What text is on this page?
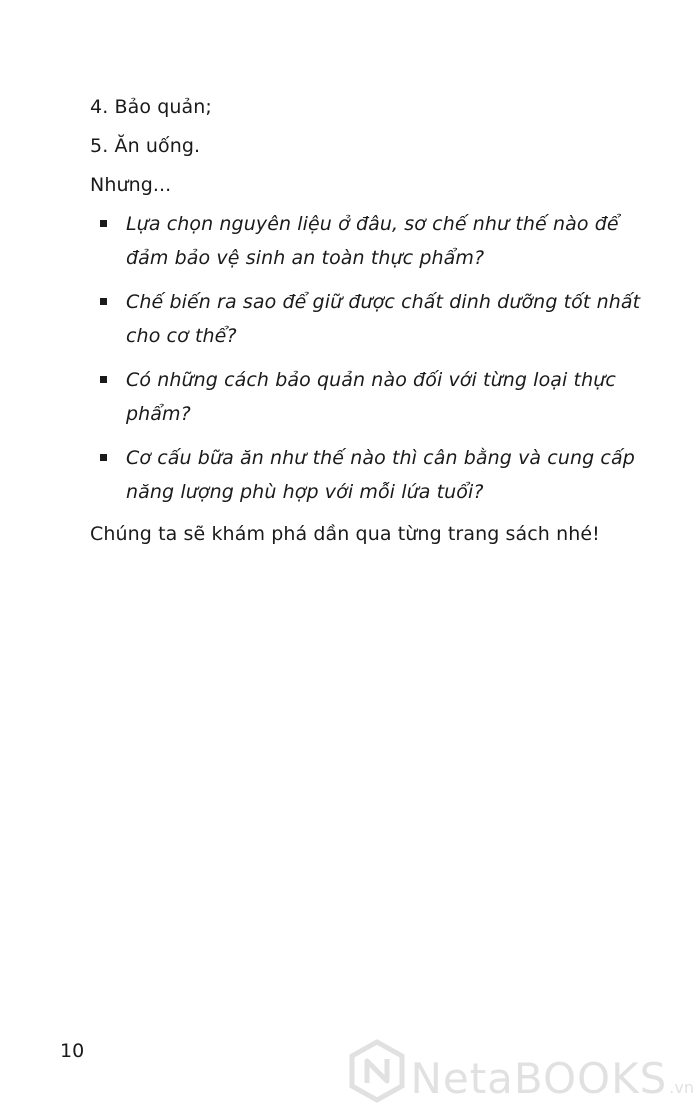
4. Bảo quản;

5. Ăn uống.

Nhưng...

Lựa chọn nguyên liệu ở đâu, sơ chế như thế nào để đảm bảo vệ sinh an toàn thực phẩm?
Chế biến ra sao để giữ được chất dinh dưỡng tốt nhất cho cơ thể?
Có những cách bảo quản nào đối với từng loại thực phẩm?
Cơ cấu bữa ăn như thế nào thì cân bằng và cung cấp năng lượng phù hợp với mỗi lứa tuổi?

Chúng ta sẽ khám phá dần qua từng trang sách nhé!

10
NetaBOOKS .vn
